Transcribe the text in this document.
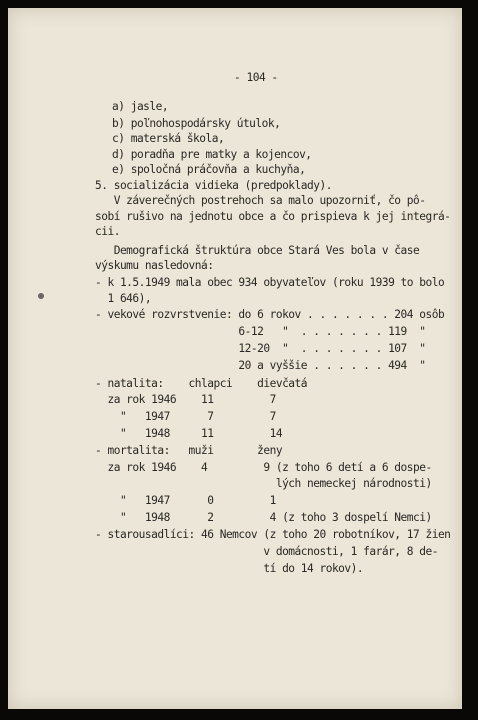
- 104 -
a) jasle,
b) poľnohospodársky útulok,
c) materská škola,
d) poradňa pre matky a kojencov,
e) spoločná práčovňa a kuchyňa,
5. socializácia vidieka (predpoklady).
V záverečných postrehoch sa malo upozorniť, čo pô-
sobí rušivo na jednotu obce a čo prispieva k jej integrá-
cii.
Demografická štruktúra obce Stará Ves bola v čase
výskumu nasledovná:
- k 1.5.1949 mala obec 934 obyvateľov (roku 1939 to bolo
1 646),
- vekové rozvrstvenie: do 6 rokov . . . . . . . 204 osôb
6-12   "  . . . . . . . 119  "
12-20  "  . . . . . . . 107  "
20 a vyššie . . . . . . 494  "
- natalita:    chlapci    dievčatá
za rok 1946    11         7
"   1947      7         7
"   1948     11         14
- mortalita:   muži       ženy
za rok 1946    4         9 (z toho 6 detí a 6 dospe-
lých nemeckej národnosti)
"   1947      0         1
"   1948      2         4 (z toho 3 dospelí Nemci)
- starousadlíci: 46 Nemcov (z toho 20 robotníkov, 17 žien
v domácnosti, 1 farár, 8 de-
tí do 14 rokov).
